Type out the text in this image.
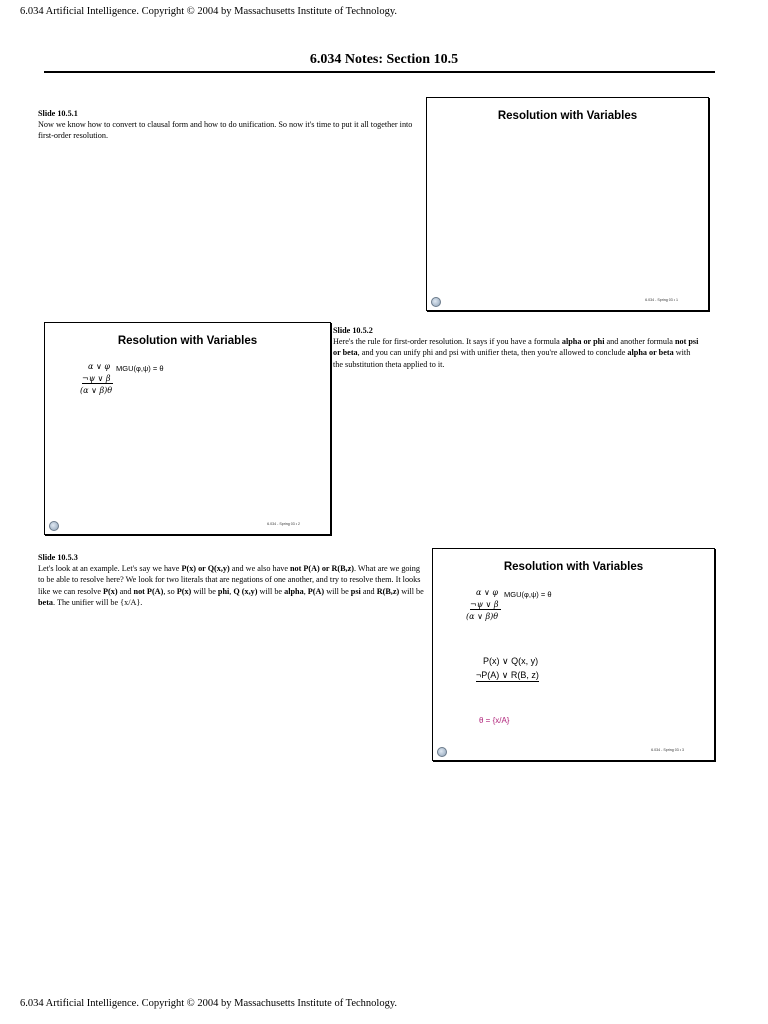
6.034 Artificial Intelligence. Copyright © 2004 by Massachusetts Institute of Technology.
6.034 Notes: Section 10.5
Slide 10.5.1
Now we know how to convert to clausal form and how to do unification. So now it's time to put it all together into first-order resolution.
Resolution with Variables
6.034 - Spring 03 • 1
Resolution with Variables
α ∨ φ MGU(φ,ψ) = θ
¬ψ ∨ β
(α ∨ β)θ
6.034 - Spring 03 • 2
Slide 10.5.2
Here's the rule for first-order resolution. It says if you have a formula alpha or phi and another formula not psi or beta, and you can unify phi and psi with unifier theta, then you're allowed to conclude alpha or beta with the substitution theta applied to it.
Slide 10.5.3
Let's look at an example. Let's say we have P(x) or Q(x,y) and we also have not P(A) or R(B,z). What are we going to be able to resolve here? We look for two literals that are negations of one another, and try to resolve them. It looks like we can resolve P(x) and not P(A), so P(x) will be phi, Q (x,y) will be alpha, P(A) will be psi and R(B,z) will be beta. The unifier will be {x/A}.
Resolution with Variables
α ∨ φ MGU(φ,ψ) = θ
¬ψ ∨ β
(α ∨ β)θ
P(x) ∨ Q(x, y)
¬P(A) ∨ R(B, z)
θ = {x/A}
6.034 - Spring 03 • 3
6.034 Artificial Intelligence. Copyright © 2004 by Massachusetts Institute of Technology.
